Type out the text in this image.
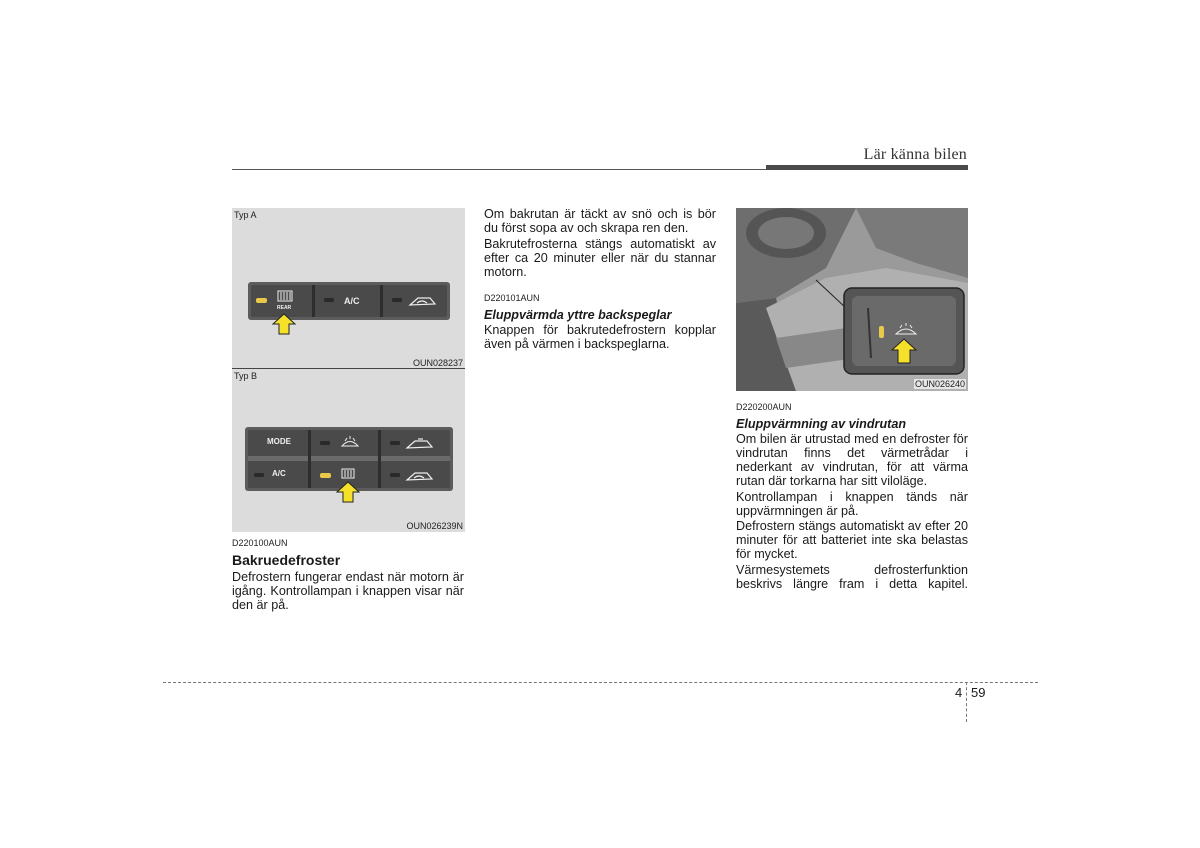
Lär känna bilen
Typ A
REAR
A/C
OUN028237
Typ B
MODE
A/C
OUN026239N
OUN026240
D220100AUN
Bakruedefroster

Defrostern fungerar endast när motorn är igång. Kontrollampan i knappen visar när den är på.

Om bakrutan är täckt av snö och is bör du först sopa av och skrapa ren den.

Bakrutefrosterna stängs automatiskt av efter ca 20 minuter eller när du stannar motorn.

D220101AUN
Eluppvärmda yttre backspeglar

Knappen för bakrutedefrostern kopplar även på värmen i backspeglarna.

D220200AUN
Eluppvärmning av vindrutan

Om bilen är utrustad med en defroster för vindrutan finns det värmetrådar i nederkant av vindrutan, för att värma rutan där torkarna har sitt viloläge.

Kontrollampan i knappen tänds när uppvärmningen är på.

Defrostern stängs automatiskt av efter 20 minuter för att batteriet inte ska belastas för mycket.

Värmesystemets defrosterfunktion beskrivs längre fram i detta kapitel.

4 59
